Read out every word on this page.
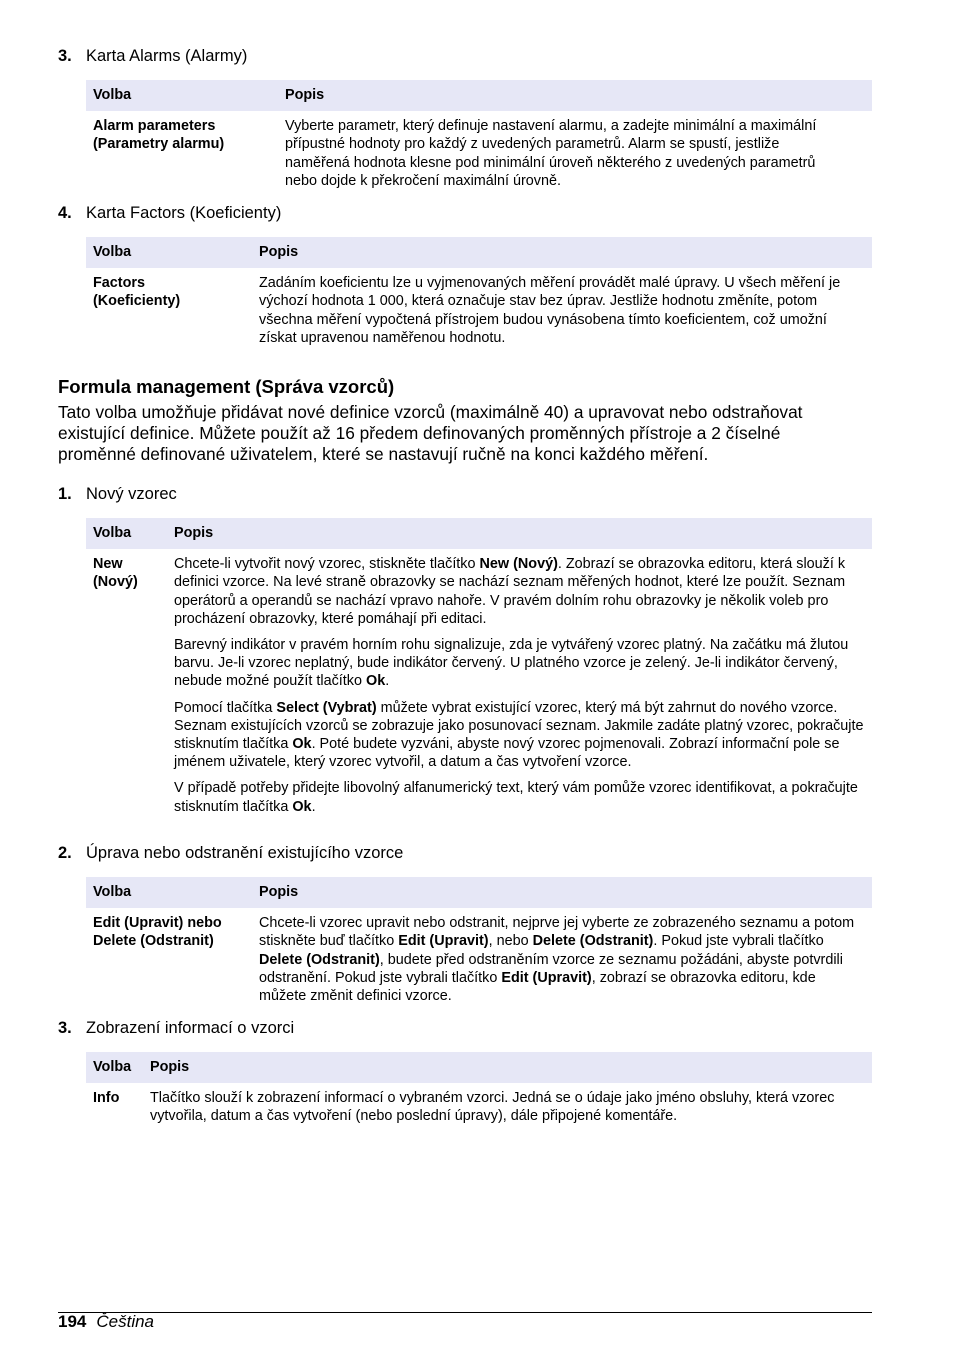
3. Karta Alarms (Alarmy)
Volba	Popis
Alarm parameters (Parametry alarmu)	Vyberte parametr, který definuje nastavení alarmu, a zadejte minimální a maximální přípustné hodnoty pro každý z uvedených parametrů. Alarm se spustí, jestliže naměřená hodnota klesne pod minimální úroveň některého z uvedených parametrů nebo dojde k překročení maximální úrovně.
4. Karta Factors (Koeficienty)
Volba	Popis
Factors (Koeficienty)	Zadáním koeficientu lze u vyjmenovaných měření provádět malé úpravy. U všech měření je výchozí hodnota 1 000, která označuje stav bez úprav. Jestliže hodnotu změníte, potom všechna měření vypočtená přístrojem budou vynásobena tímto koeficientem, což umožní získat upravenou naměřenou hodnotu.
Formula management (Správa vzorců)

Tato volba umožňuje přidávat nové definice vzorců (maximálně 40) a upravovat nebo odstraňovat existující definice. Můžete použít až 16 předem definovaných proměnných přístroje a 2 číselné proměnné definované uživatelem, které se nastavují ručně na konci každého měření.

1. Nový vzorec
Volba	Popis
New (Nový)	Chcete-li vytvořit nový vzorec, stiskněte tlačítko New (Nový). Zobrazí se obrazovka editoru, která slouží k definici vzorce. Na levé straně obrazovky se nachází seznam měřených hodnot, které lze použít. Seznam operátorů a operandů se nachází vpravo nahoře. V pravém dolním rohu obrazovky je několik voleb pro procházení obrazovky, které pomáhají při editaci.

Barevný indikátor v pravém horním rohu signalizuje, zda je vytvářený vzorec platný. Na začátku má žlutou barvu. Je-li vzorec neplatný, bude indikátor červený. U platného vzorce je zelený. Je-li indikátor červený, nebude možné použít tlačítko Ok.

Pomocí tlačítka Select (Vybrat) můžete vybrat existující vzorec, který má být zahrnut do nového vzorce. Seznam existujících vzorců se zobrazuje jako posunovací seznam. Jakmile zadáte platný vzorec, pokračujte stisknutím tlačítka Ok. Poté budete vyzváni, abyste nový vzorec pojmenovali. Zobrazí informační pole se jménem uživatele, který vzorec vytvořil, a datum a čas vytvoření vzorce.

V případě potřeby přidejte libovolný alfanumerický text, který vám pomůže vzorec identifikovat, a pokračujte stisknutím tlačítka Ok.

2. Úprava nebo odstranění existujícího vzorce
Volba	Popis
Edit (Upravit) nebo Delete (Odstranit)	Chcete-li vzorec upravit nebo odstranit, nejprve jej vyberte ze zobrazeného seznamu a potom stiskněte buď tlačítko Edit (Upravit), nebo Delete (Odstranit). Pokud jste vybrali tlačítko Delete (Odstranit), budete před odstraněním vzorce ze seznamu požádáni, abyste potvrdili odstranění. Pokud jste vybrali tlačítko Edit (Upravit), zobrazí se obrazovka editoru, kde můžete změnit definici vzorce.

3. Zobrazení informací o vzorci
Volba	Popis
Info	Tlačítko slouží k zobrazení informací o vybraném vzorci. Jedná se o údaje jako jméno obsluhy, která vzorec vytvořila, datum a čas vytvoření (nebo poslední úpravy), dále připojené komentáře.
194 Čeština
